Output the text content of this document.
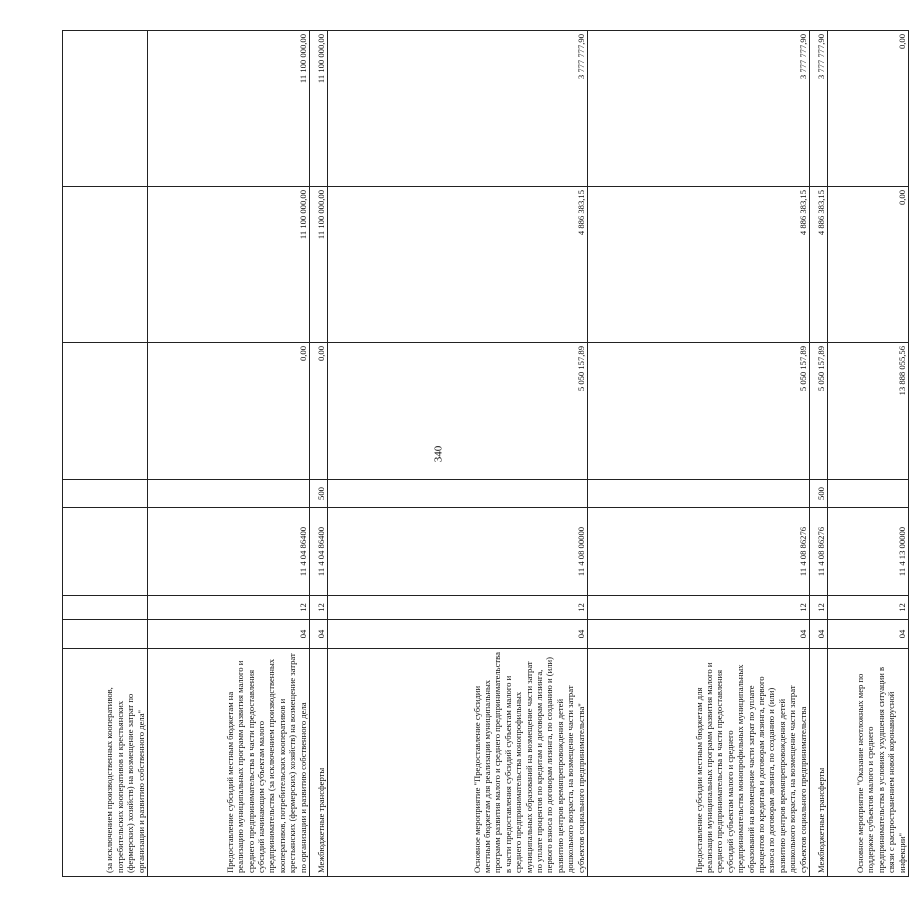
340
(за исключением производственных кооперативов, потребительских кооперативов и крестьянских (фермерских) хозяйств) на возмещение затрат по организации и развитию собственного дела"							
Предоставление субсидий местным бюджетам на реализацию муниципальных программ развития малого и среднего предпринимательства в части предоставления субсидий начинающим субъектам малого предпринимательства (за исключением производственных кооперативов, потребительских кооперативов и крестьянских (фермерских) хозяйств) на возмещение затрат по организации и развитию собственного дела	04	12	11 4 04 86400		0,00	11 100 000,00	11 100 000,00
Межбюджетные трансферты	04	12	11 4 04 86400	500	0,00	11 100 000,00	11 100 000,00
Основное мероприятие "Предоставление субсидии местным бюджетам для реализации муниципальных программ развития малого и среднего предпринимательства в части предоставления субсидий субъектам малого и среднего предпринимательства монопрофильных муниципальных образований на возмещение части затрат по уплате процентов по кредитам и договорам лизинга, первого взноса по договорам лизинга, по созданию и (или) развитию центров времяпрепровождения детей дошкольного возраста, на возмещение части затрат субъектов социального предпринимательства"	04	12	11 4 08 00000		5 050 157,89	4 886 383,15	3 777 777,90
Предоставление субсидии местным бюджетам для реализации муниципальных программ развития малого и среднего предпринимательства в части предоставления субсидий субъектам малого и среднего предпринимательства монопрофильных муниципальных образований на возмещение части затрат по уплате процентов по кредитам и договорам лизинга, первого взноса по договорам лизинга, по созданию и (или) развитию центров времяпрепровождения детей дошкольного возраста, на возмещение части затрат субъектов социального предпринимательства	04	12	11 4 08 86276		5 050 157,89	4 886 383,15	3 777 777,90
Межбюджетные трансферты	04	12	11 4 08 86276	500	5 050 157,89	4 886 383,15	3 777 777,90
Основное мероприятие "Оказание неотложных мер по поддержке субъектов малого и среднего предпринимательства в условиях ухудшения ситуации в связи с распространением новой коронавирусной инфекции"	04	12	11 4 13 00000		13 888 055,56	0,00	0,00
